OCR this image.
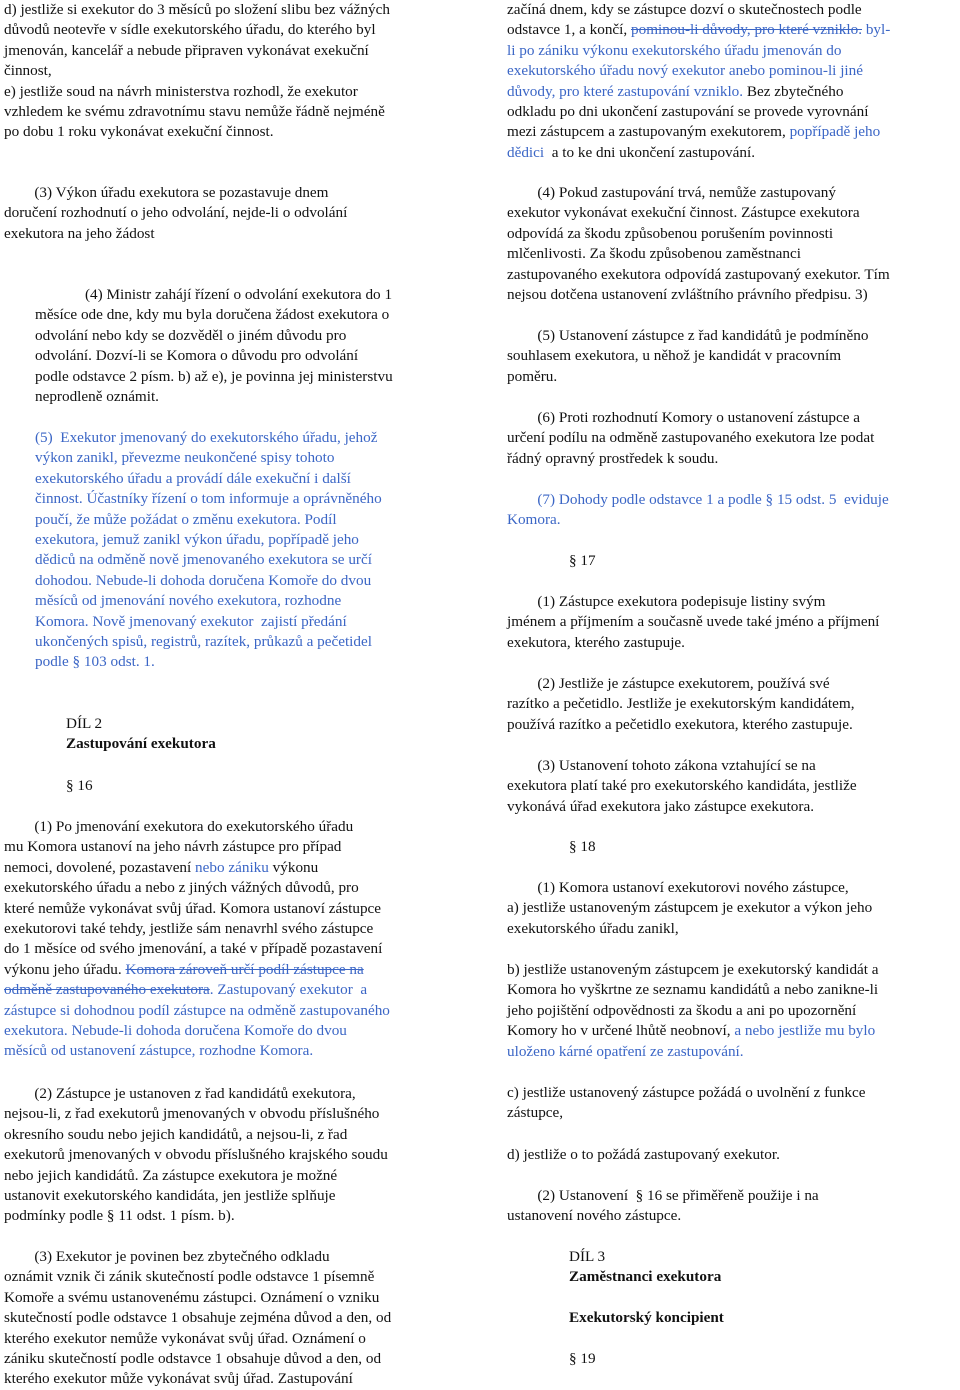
d) jestliže si exekutor do 3 měsíců po složení slibu bez vážných
důvodů neotevře v sídle exekutorského úřadu, do kterého byl
jmenován, kancelář a nebude připraven vykonávat exekuční
činnost,
e) jestliže soud na návrh ministerstva rozhodl, že exekutor
vzhledem ke svému zdravotnímu stavu nemůže řádně nejméně
po dobu 1 roku vykonávat exekuční činnost.
(3) Výkon úřadu exekutora se pozastavuje dnem
doručení rozhodnutí o jeho odvolání, nejde-li o odvolání
exekutora na jeho žádost
(4) Ministr zahájí řízení o odvolání exekutora do 1
měsíce ode dne, kdy mu byla doručena žádost exekutora o
odvolání nebo kdy se dozvěděl o jiném důvodu pro
odvolání. Dozví-li se Komora o důvodu pro odvolání
podle odstavce 2 písm. b) až e), je povinna jej ministerstvu
neprodleně oznámit.
(5)  Exekutor jmenovaný do exekutorského úřadu, jehož
výkon zanikl, převezme neukončené spisy tohoto
exekutorského úřadu a provádí dále exekuční i další
činnost. Účastníky řízení o tom informuje a oprávněného
poučí, že může požádat o změnu exekutora. Podíl
exekutora, jemuž zanikl výkon úřadu, popřípadě jeho
dědiců na odměně nově jmenovaného exekutora se určí
dohodou. Nebude-li dohoda doručena Komoře do dvou
měsíců od jmenování nového exekutora, rozhodne
Komora. Nově jmenovaný exekutor  zajistí předání
ukončených spisů, registrů, razítek, průkazů a pečetidel
podle § 103 odst. 1.
DÍL 2
Zastupování exekutora
§ 16
(1) Po jmenování exekutora do exekutorského úřadu
mu Komora ustanoví na jeho návrh zástupce pro případ
nemoci, dovolené, pozastavení nebo zániku výkonu
exekutorského úřadu a nebo z jiných vážných důvodů, pro
které nemůže vykonávat svůj úřad. Komora ustanoví zástupce
exekutorovi také tehdy, jestliže sám nenavrhl svého zástupce
do 1 měsíce od svého jmenování, a také v případě pozastavení
výkonu jeho úřadu. Komora zároveň určí podíl zástupce na
odměně zastupovaného exekutora. Zastupovaný exekutor  a
zástupce si dohodnou podíl zástupce na odměně zastupovaného
exekutora. Nebude-li dohoda doručena Komoře do dvou
měsíců od ustanovení zástupce, rozhodne Komora.
(2) Zástupce je ustanoven z řad kandidátů exekutora,
nejsou-li, z řad exekutorů jmenovaných v obvodu příslušného
okresního soudu nebo jejich kandidátů, a nejsou-li, z řad
exekutorů jmenovaných v obvodu příslušného krajského soudu
nebo jejich kandidátů. Za zástupce exekutora je možné
ustanovit exekutorského kandidáta, jen jestliže splňuje
podmínky podle § 11 odst. 1 písm. b).
(3) Exekutor je povinen bez zbytečného odkladu
oznámit vznik či zánik skutečností podle odstavce 1 písemně
Komoře a svému ustanovenému zástupci. Oznámení o vzniku
skutečností podle odstavce 1 obsahuje zejména důvod a den, od
kterého exekutor nemůže vykonávat svůj úřad. Oznámení o
zániku skutečností podle odstavce 1 obsahuje důvod a den, od
kterého exekutor může vykonávat svůj úřad. Zastupování
začíná dnem, kdy se zástupce dozví o skutečnostech podle
odstavce 1, a končí, pominou-li důvody, pro které vzniklo. byl-
li po zániku výkonu exekutorského úřadu jmenován do
exekutorského úřadu nový exekutor anebo pominou-li jiné
důvody, pro které zastupování vzniklo. Bez zbytečného
odkladu po dni ukončení zastupování se provede vyrovnání
mezi zástupcem a zastupovaným exekutorem, popřípadě jeho
dědici  a to ke dni ukončení zastupování.
(4) Pokud zastupování trvá, nemůže zastupovaný
exekutor vykonávat exekuční činnost. Zástupce exekutora
odpovídá za škodu způsobenou porušením povinnosti
mlčenlivosti. Za škodu způsobenou zaměstnanci
zastupovaného exekutora odpovídá zastupovaný exekutor. Tím
nejsou dotčena ustanovení zvláštního právního předpisu. 3)
(5) Ustanovení zástupce z řad kandidátů je podmíněno
souhlasem exekutora, u něhož je kandidát v pracovním
poměru.
(6) Proti rozhodnutí Komory o ustanovení zástupce a
určení podílu na odměně zastupovaného exekutora lze podat
řádný opravný prostředek k soudu.
(7) Dohody podle odstavce 1 a podle § 15 odst. 5  eviduje
Komora.
§ 17
(1) Zástupce exekutora podepisuje listiny svým
jménem a příjmením a současně uvede také jméno a příjmení
exekutora, kterého zastupuje.
(2) Jestliže je zástupce exekutorem, používá své
razítko a pečetidlo. Jestliže je exekutorským kandidátem,
používá razítko a pečetidlo exekutora, kterého zastupuje.
(3) Ustanovení tohoto zákona vztahující se na
exekutora platí také pro exekutorského kandidáta, jestliže
vykonává úřad exekutora jako zástupce exekutora.
§ 18
(1) Komora ustanoví exekutorovi nového zástupce,
a) jestliže ustanoveným zástupcem je exekutor a výkon jeho
exekutorského úřadu zanikl,
b) jestliže ustanoveným zástupcem je exekutorský kandidát a
Komora ho vyškrtne ze seznamu kandidátů a nebo zanikne-li
jeho pojištění odpovědnosti za škodu a ani po upozornění
Komory ho v určené lhůtě neobnoví, a nebo jestliže mu bylo
uloženo kárné opatření ze zastupování.
c) jestliže ustanovený zástupce požádá o uvolnění z funkce
zástupce,
d) jestliže o to požádá zastupovaný exekutor.
(2) Ustanovení  § 16 se přiměřeně použije i na
ustanovení nového zástupce.
DÍL 3
Zaměstnanci exekutora
Exekutorský koncipient
§ 19
